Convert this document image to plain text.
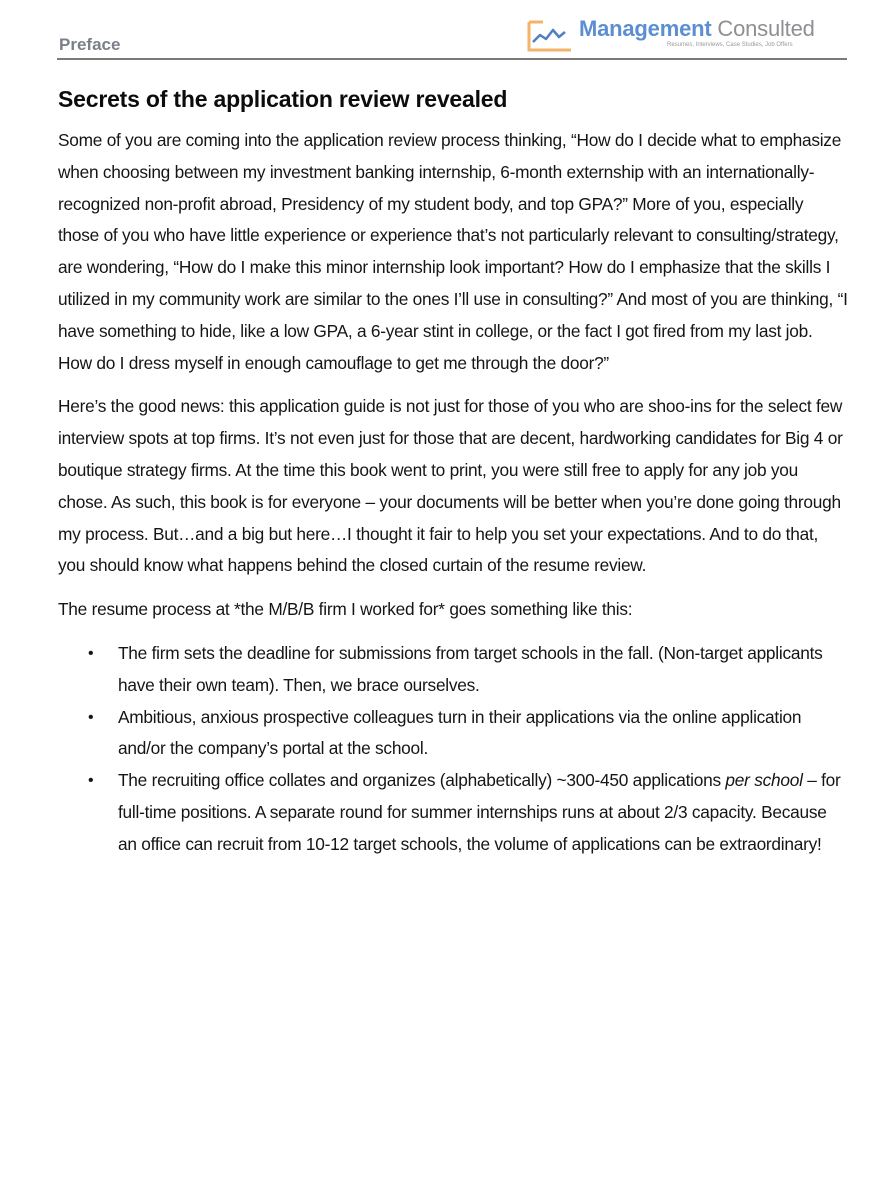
Preface
Management Consulted
Resumes, Interviews, Case Studies, Job Offers
Secrets of the application review revealed

Some of you are coming into the application review process thinking, “How do I decide what to emphasize when choosing between my investment banking internship, 6-month externship with an internationally-recognized non-profit abroad, Presidency of my student body, and top GPA?” More of you, especially those of you who have little experience or experience that’s not particularly relevant to consulting/strategy, are wondering, “How do I make this minor internship look important? How do I emphasize that the skills I utilized in my community work are similar to the ones I’ll use in consulting?” And most of you are thinking, “I have something to hide, like a low GPA, a 6-year stint in college, or the fact I got fired from my last job. How do I dress myself in enough camouflage to get me through the door?”

Here’s the good news: this application guide is not just for those of you who are shoo-ins for the select few interview spots at top firms. It’s not even just for those that are decent, hardworking candidates for Big 4 or boutique strategy firms. At the time this book went to print, you were still free to apply for any job you chose. As such, this book is for everyone – your documents will be better when you’re done going through my process. But…and a big but here…I thought it fair to help you set your expectations. And to do that, you should know what happens behind the closed curtain of the resume review.

The resume process at *the M/B/B firm I worked for* goes something like this:

• The firm sets the deadline for submissions from target schools in the fall. (Non-target applicants have their own team). Then, we brace ourselves.
• Ambitious, anxious prospective colleagues turn in their applications via the online application and/or the company’s portal at the school.
• The recruiting office collates and organizes (alphabetically) ~300-450 applications per school – for full-time positions. A separate round for summer internships runs at about 2/3 capacity. Because an office can recruit from 10-12 target schools, the volume of applications can be extraordinary!
